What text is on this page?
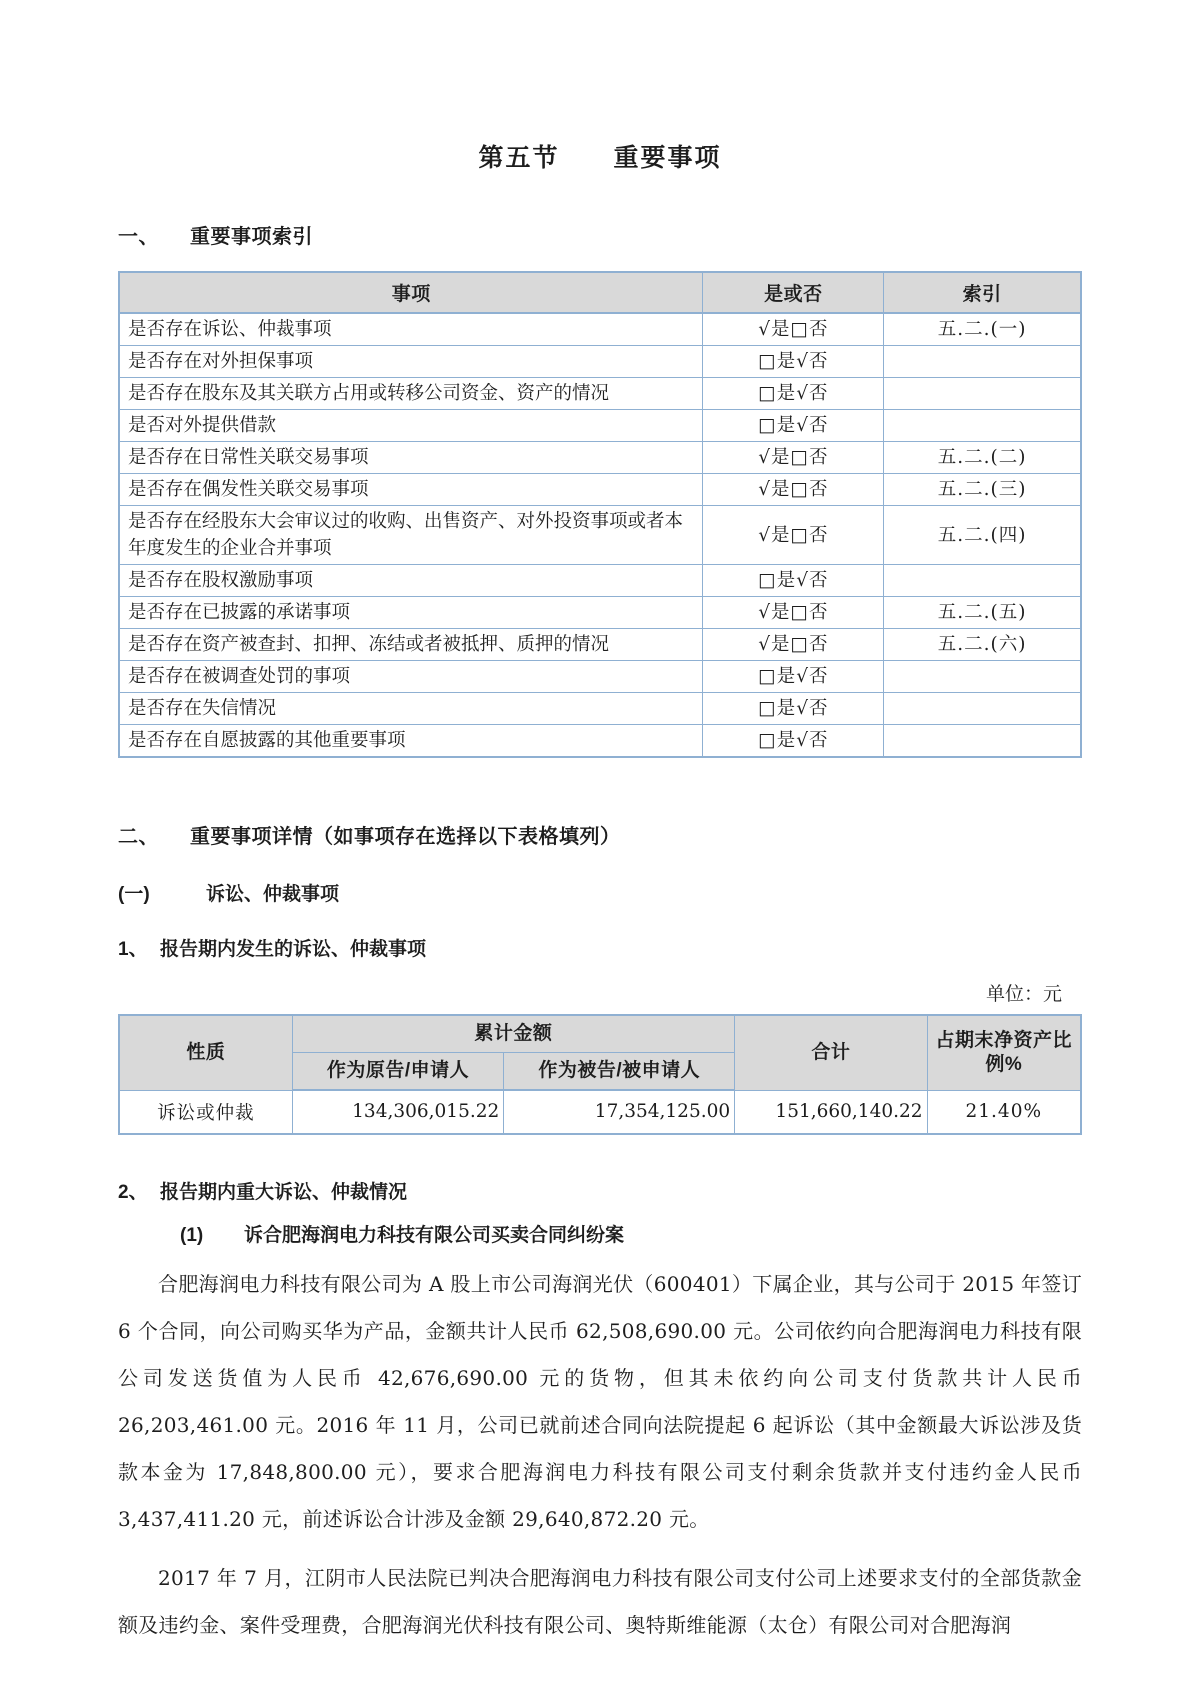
第五节　　重要事项
一、	重要事项索引
事项	是或否	索引
是否存在诉讼、仲裁事项	√是□否	五.二.(一)
是否存在对外担保事项	□是√否	
是否存在股东及其关联方占用或转移公司资金、资产的情况	□是√否	
是否对外提供借款	□是√否	
是否存在日常性关联交易事项	√是□否	五.二.(二)
是否存在偶发性关联交易事项	√是□否	五.二.(三)
是否存在经股东大会审议过的收购、出售资产、对外投资事项或者本年度发生的企业合并事项	√是□否	五.二.(四)
是否存在股权激励事项	□是√否	
是否存在已披露的承诺事项	√是□否	五.二.(五)
是否存在资产被查封、扣押、冻结或者被抵押、质押的情况	√是□否	五.二.(六)
是否存在被调查处罚的事项	□是√否	
是否存在失信情况	□是√否	
是否存在自愿披露的其他重要事项	□是√否	
二、	重要事项详情（如事项存在选择以下表格填列）
(一)	诉讼、仲裁事项
1、 报告期内发生的诉讼、仲裁事项
单位：元
性质	累计金额		合计	占期末净资产比例%
	作为原告/申请人	作为被告/被申请人		
诉讼或仲裁	134,306,015.22	17,354,125.00	151,660,140.22	21.40%
2、 报告期内重大诉讼、仲裁情况
(1)	诉合肥海润电力科技有限公司买卖合同纠纷案

合肥海润电力科技有限公司为 A 股上市公司海润光伏（600401）下属企业，其与公司于 2015 年签订 6 个合同，向公司购买华为产品，金额共计人民币 62,508,690.00 元。公司依约向合肥海润电力科技有限公司发送货值为人民币 42,676,690.00 元的货物，但其未依约向公司支付货款共计人民币 26,203,461.00 元。2016 年 11 月，公司已就前述合同向法院提起 6 起诉讼（其中金额最大诉讼涉及货款本金为 17,848,800.00 元），要求合肥海润电力科技有限公司支付剩余货款并支付违约金人民币 3,437,411.20 元，前述诉讼合计涉及金额 29,640,872.20 元。

2017 年 7 月，江阴市人民法院已判决合肥海润电力科技有限公司支付公司上述要求支付的全部货款金额及违约金、案件受理费，合肥海润光伏科技有限公司、奥特斯维能源（太仓）有限公司对合肥海润
